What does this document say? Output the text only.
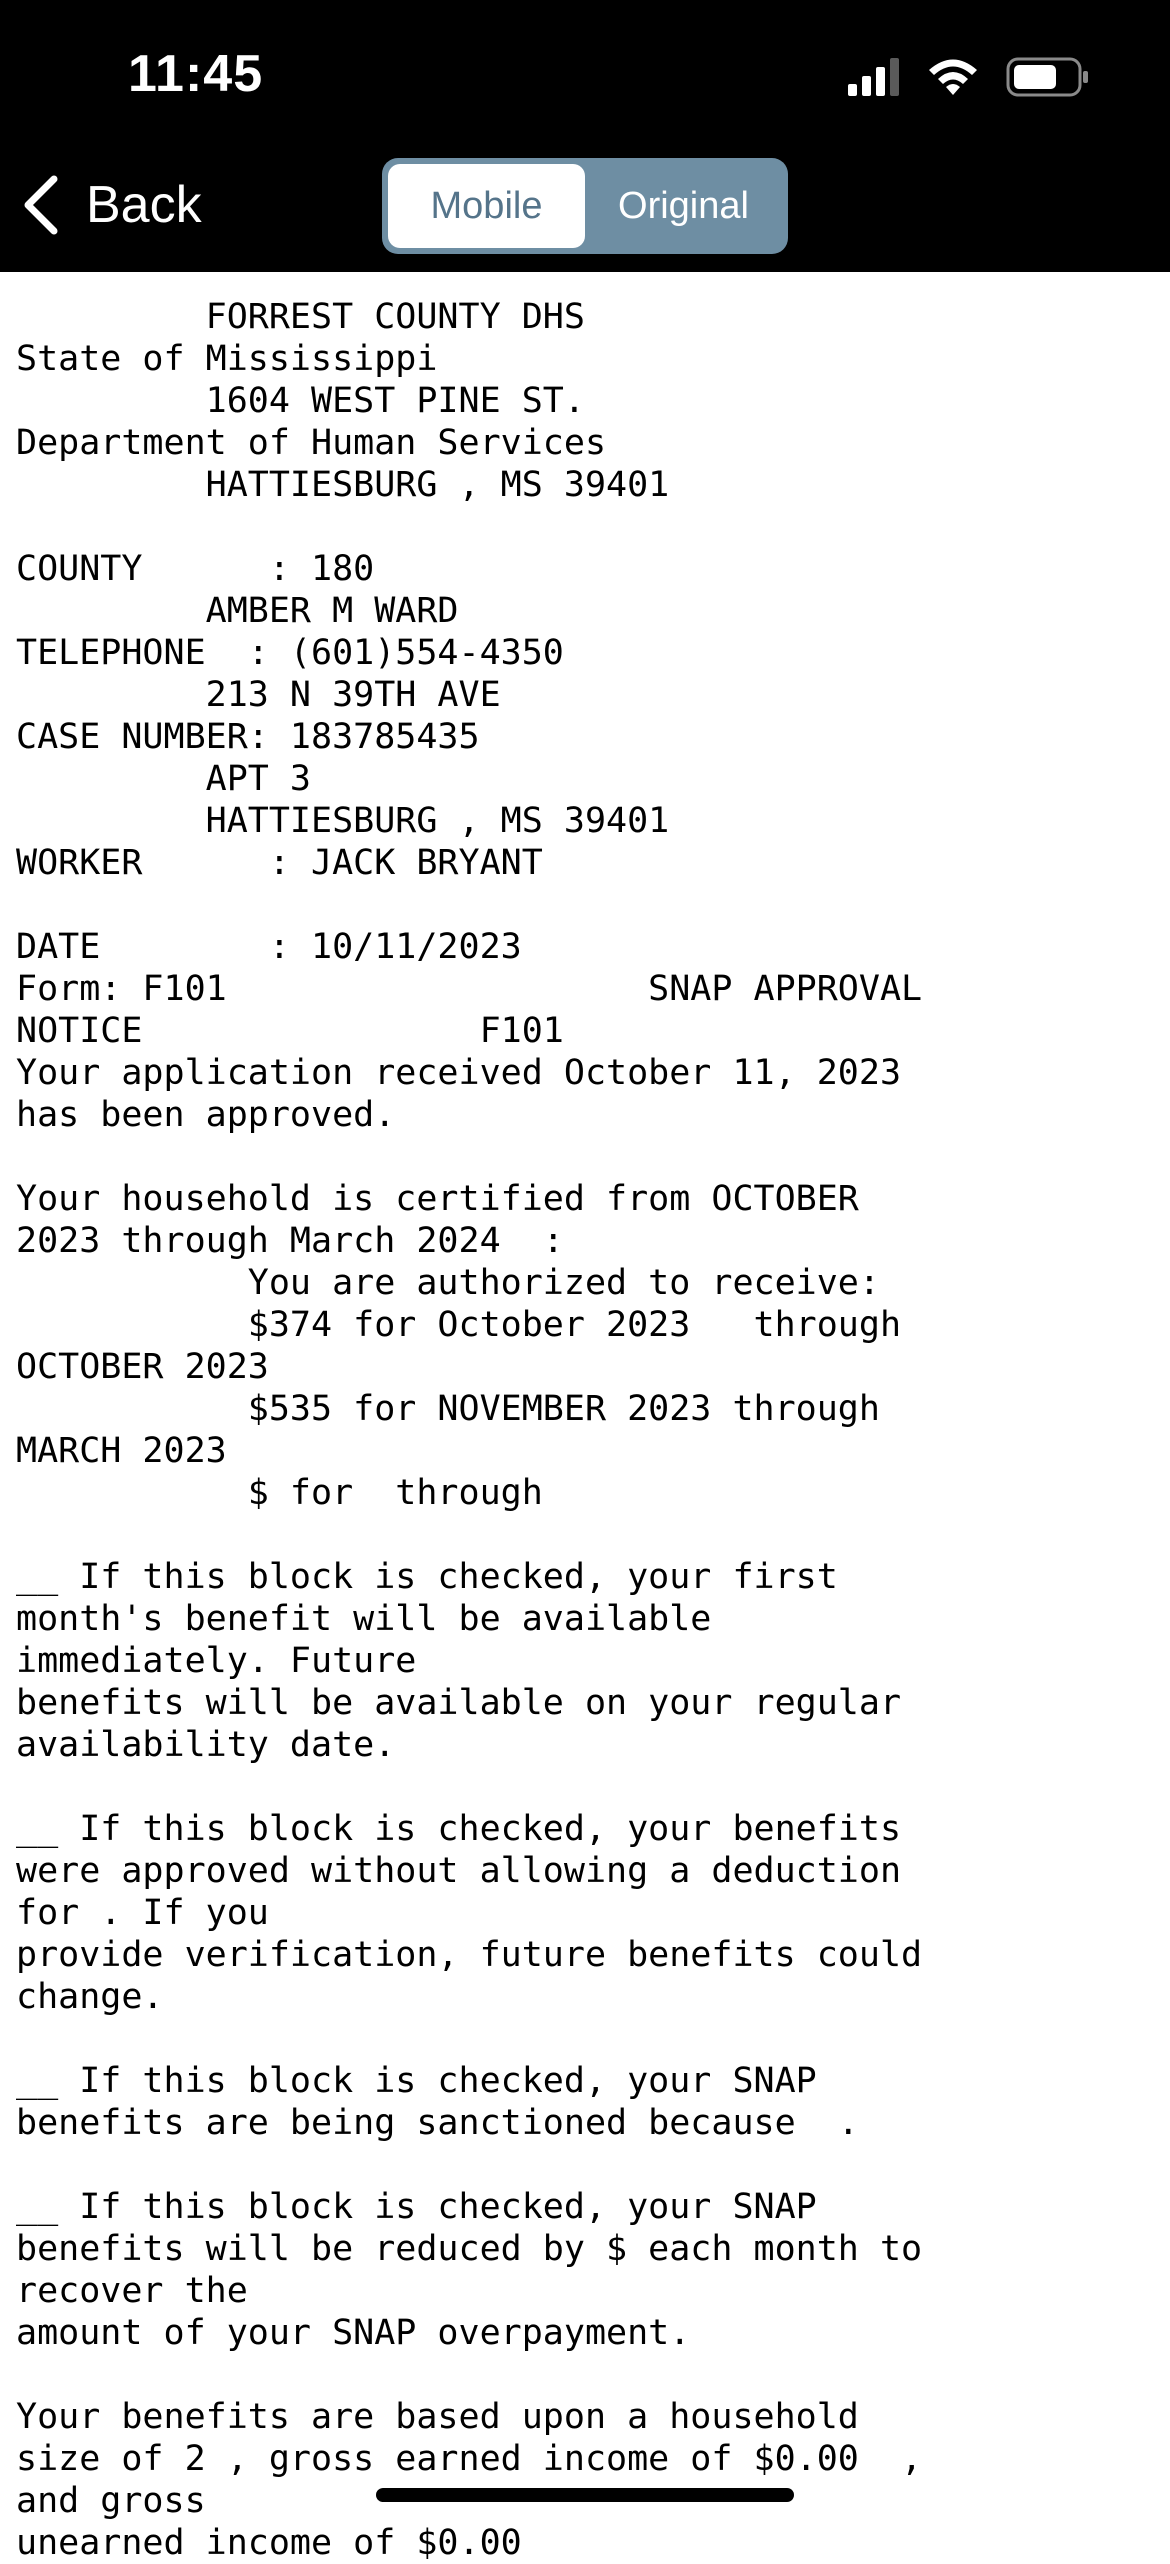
11:45
Back	Mobile	Original
FORREST COUNTY DHS
State of Mississippi
1604 WEST PINE ST.
Department of Human Services
HATTIESBURG , MS 39401
COUNTY      : 180
AMBER M WARD
TELEPHONE  : (601)554-4350
213 N 39TH AVE
CASE NUMBER: 183785435
APT 3
HATTIESBURG , MS 39401
WORKER      : JACK BRYANT
DATE        : 10/11/2023
Form: F101                    SNAP APPROVAL
NOTICE                F101
Your application received October 11, 2023
has been approved.
Your household is certified from OCTOBER
2023 through March 2024  :
You are authorized to receive:
$374 for October 2023   through
OCTOBER 2023
$535 for NOVEMBER 2023 through
MARCH 2023
$ for  through
__ If this block is checked, your first
month's benefit will be available
immediately. Future
benefits will be available on your regular
availability date.
__ If this block is checked, your benefits
were approved without allowing a deduction
for . If you
provide verification, future benefits could
change.
__ If this block is checked, your SNAP
benefits are being sanctioned because  .
__ If this block is checked, your SNAP
benefits will be reduced by $ each month to
recover the
amount of your SNAP overpayment.
Your benefits are based upon a household
size of 2 , gross earned income of $0.00  ,
and gross
unearned income of $0.00
